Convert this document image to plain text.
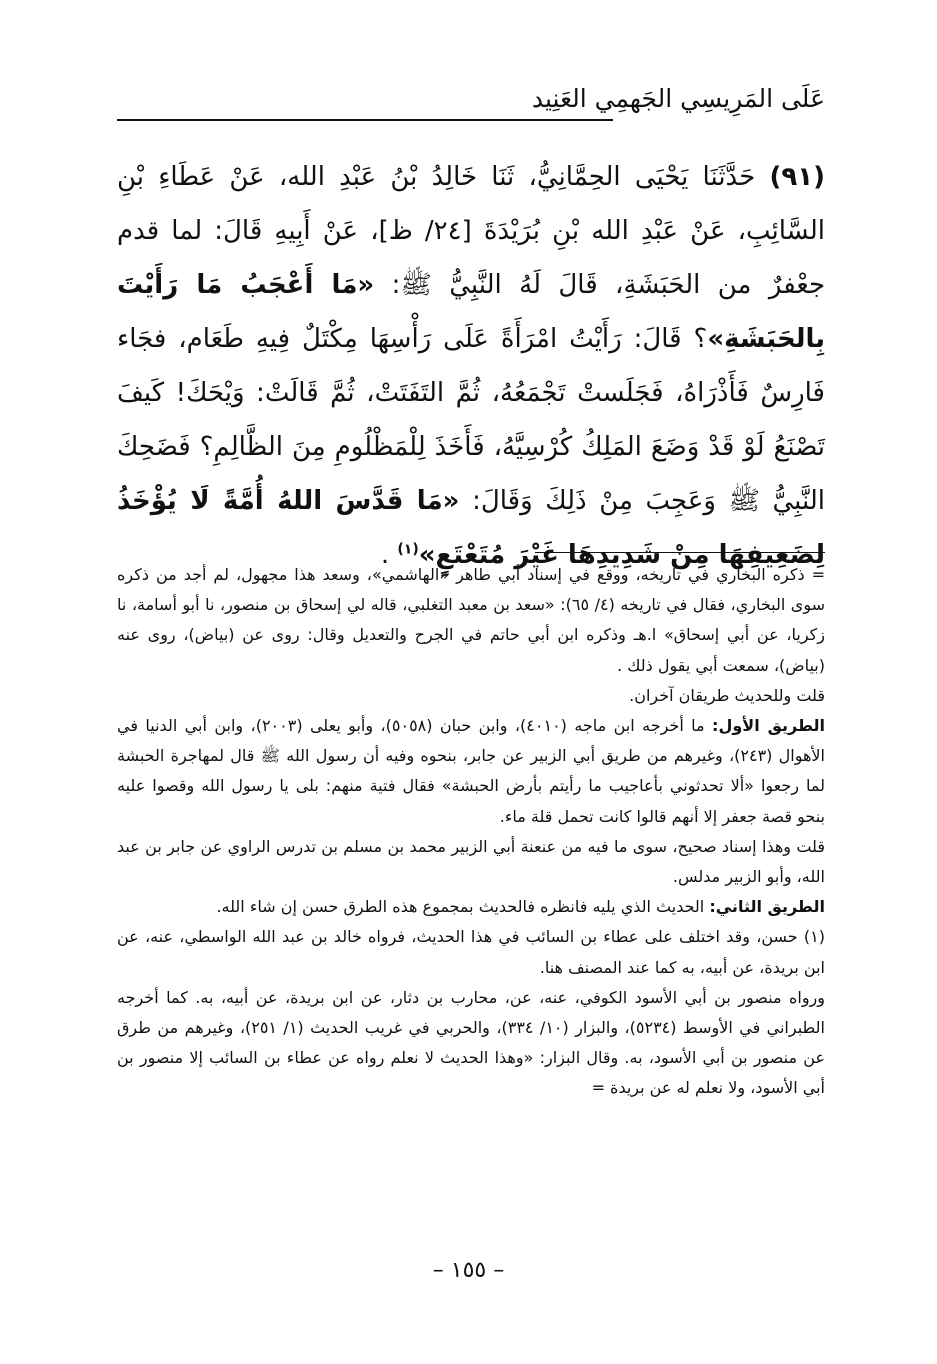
عَلَى المَرِيسِي الجَهمِي العَنِيد

(٩١) حَدَّثَنَا يَحْيَى الحِمَّانِيُّ، ثَنَا خَالِدُ بْنُ عَبْدِ الله، عَنْ عَطَاءِ بْنِ السَّائِبِ، عَنْ عَبْدِ الله بْنِ بُرَيْدَةَ [٢٤/ ظ]، عَنْ أَبِيهِ قَالَ: لما قدم جعْفرٌ من الحَبَشَةِ، قَالَ لَهُ النَّبِيُّ ﷺ: «مَا أَعْجَبُ مَا رَأَيْتَ بِالحَبَشَةِ»؟ قَالَ: رَأَيْتُ امْرَأَةً عَلَى رَأْسِهَا مِكْتَلٌ فِيهِ طَعَام، فجَاء فَارِسٌ فَأَذْرَاهُ، فَجَلَستْ تَجْمَعُهُ، ثُمَّ التَفَتَتْ، ثُمَّ قَالَتْ: وَيْحَكَ! كَيفَ تَصْنَعُ لَوْ قَدْ وَضَعَ المَلِكُ كُرْسِيَّهُ، فَأَخَذَ لِلْمَظْلُومِ مِنَ الظَّالِمِ؟ فَضَحِكَ النَّبِيُّ ﷺ وَعَجِبَ مِنْ ذَلِكَ وَقَالَ: «مَا قَدَّسَ اللهُ أُمَّةً لَا يُؤْخَذُ لِضَعِيفِهَا مِنْ شَدِيدِهَا غَيْرَ مُتَعْتَعٍ»$^{(١)}$ .

= ذكره البخاري في تاريخه، ووقع في إسناد أبي طاهر «الهاشمي»، وسعد هذا مجهول، لم أجد من ذكره سوى البخاري، فقال في تاريخه (٤/ ٦٥): «سعد بن معبد التغلبي، قاله لي إسحاق بن منصور، نا أبو أسامة، نا زكريا، عن أبي إسحاق» ا.هـ وذكره ابن أبي حاتم في الجرح والتعديل وقال: روى عن (بياض)، روى عنه (بياض)، سمعت أبي يقول ذلك .

قلت وللحديث طريقان آخران.

الطريق الأول: ما أخرجه ابن ماجه (٤٠١٠)، وابن حبان (٥٠٥٨)، وأبو يعلى (٢٠٠٣)، وابن أبي الدنيا في الأهوال (٢٤٣)، وغيرهم من طريق أبي الزبير عن جابر، بنحوه وفيه أن رسول الله ﷺ قال لمهاجرة الحبشة لما رجعوا «ألا تحدثوني بأعاجيب ما رأيتم بأرض الحبشة» فقال فتية منهم: بلى يا رسول الله وقصوا عليه بنحو قصة جعفر إلا أنهم قالوا كانت تحمل قلة ماء.

قلت وهذا إسناد صحيح، سوى ما فيه من عنعنة أبي الزبير محمد بن مسلم بن تدرس الراوي عن جابر بن عبد الله، وأبو الزبير مدلس.

الطريق الثاني: الحديث الذي يليه فانظره فالحديث بمجموع هذه الطرق حسن إن شاء الله.

(١) حسن، وقد اختلف على عطاء بن السائب في هذا الحديث، فرواه خالد بن عبد الله الواسطي، عنه، عن ابن بريدة، عن أبيه، به كما عند المصنف هنا.

ورواه منصور بن أبي الأسود الكوفي، عنه، عن، محارب بن دثار، عن ابن بريدة، عن أبيه، به. كما أخرجه الطبراني في الأوسط (٥٢٣٤)، والبزار (١٠/ ٣٣٤)، والحربي في غريب الحديث (١/ ٢٥١)، وغيرهم من طرق عن منصور بن أبي الأسود، به. وقال البزار: «وهذا الحديث لا نعلم رواه عن عطاء بن السائب إلا منصور بن أبي الأسود، ولا نعلم له عن بريدة =

– ١٥٥ –
